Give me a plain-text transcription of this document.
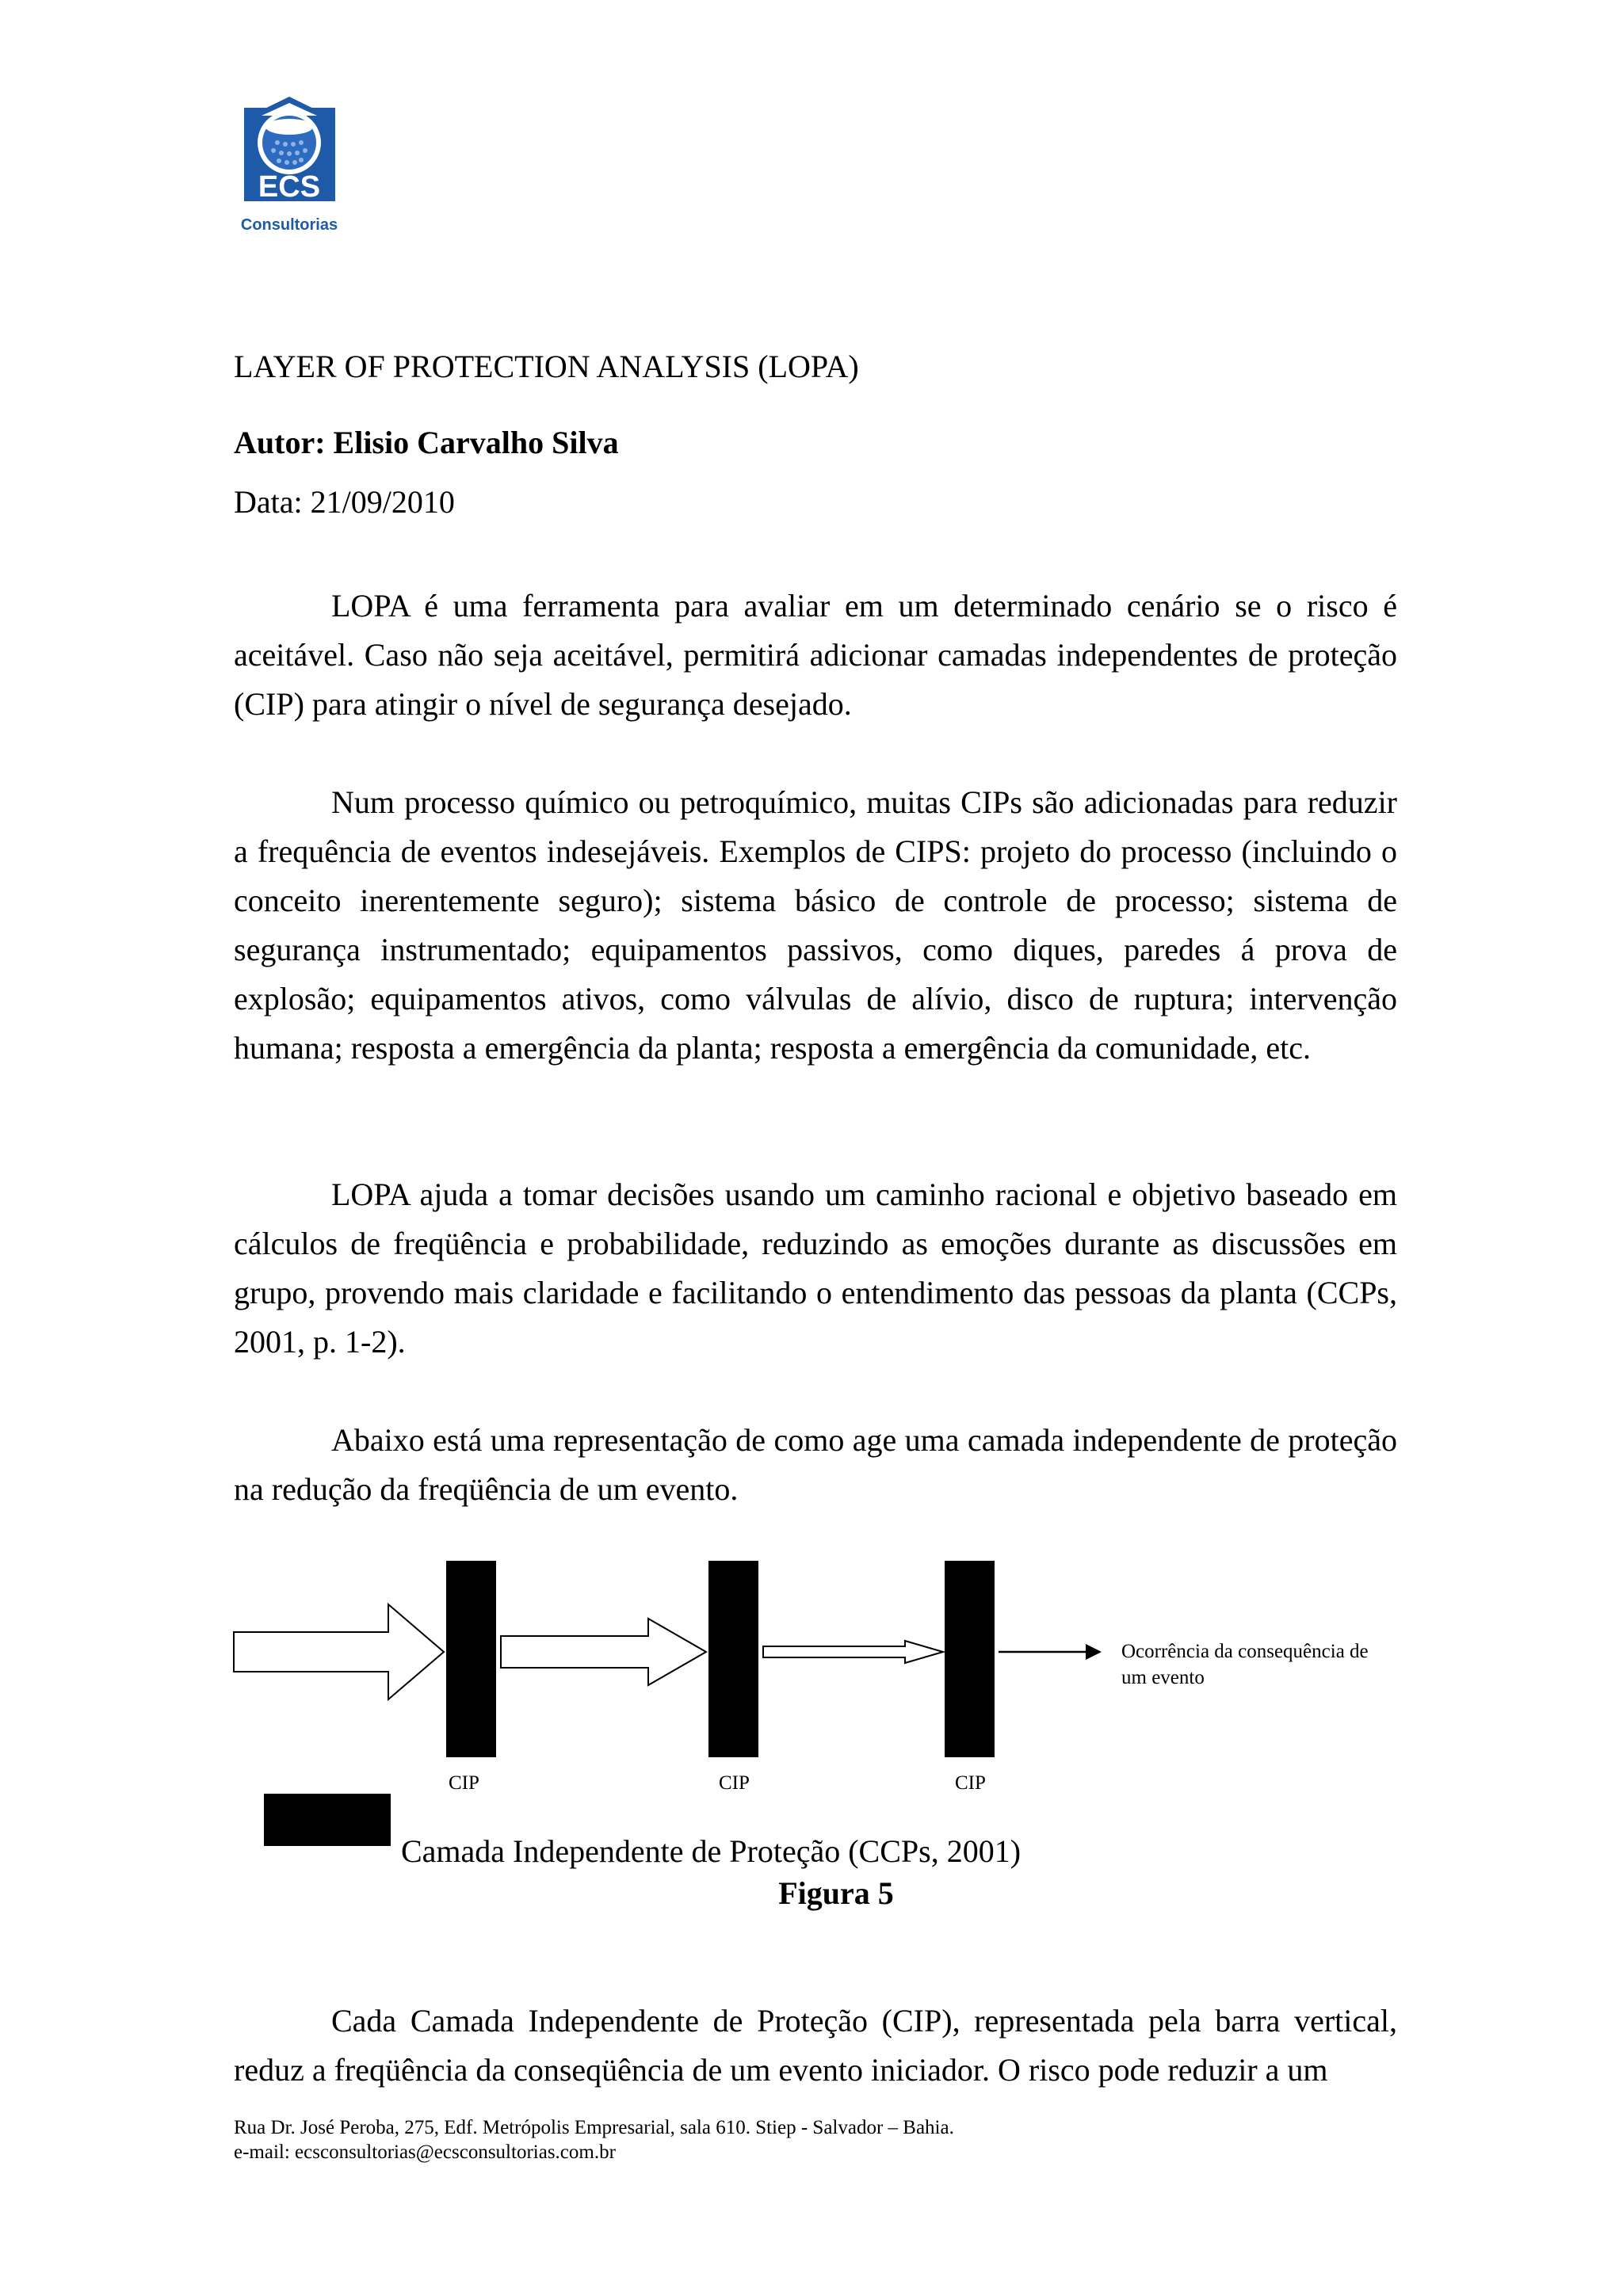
ECS
Consultorias
LAYER OF PROTECTION ANALYSIS (LOPA)
Autor: Elisio Carvalho Silva
Data: 21/09/2010

LOPA é uma ferramenta para avaliar em um determinado cenário se o risco é aceitável. Caso não seja aceitável, permitirá adicionar camadas independentes de proteção (CIP) para atingir o nível de segurança desejado.

Num processo químico ou petroquímico, muitas CIPs são adicionadas para reduzir a frequência de eventos indesejáveis. Exemplos de CIPS: projeto do processo (incluindo o conceito inerentemente seguro); sistema básico de controle de processo; sistema de segurança instrumentado; equipamentos passivos, como diques, paredes á prova de explosão; equipamentos ativos, como válvulas de alívio, disco de ruptura; intervenção humana; resposta a emergência da planta; resposta a emergência da comunidade, etc.

LOPA ajuda a tomar decisões usando um caminho racional e objetivo baseado em cálculos de freqüência e probabilidade, reduzindo as emoções durante as discussões em grupo, provendo mais claridade e facilitando o entendimento das pessoas da planta (CCPs, 2001, p. 1-2).

Abaixo está uma representação de como age uma camada independente de proteção na redução da freqüência de um evento.

Ocorrência da consequência de
um evento
CIP	CIP	CIP
Camada Independente de Proteção (CCPs, 2001)
Figura 5

Cada Camada Independente de Proteção (CIP), representada pela barra vertical, reduz a freqüência da conseqüência de um evento iniciador. O risco pode reduzir a um

Rua Dr. José Peroba, 275, Edf. Metrópolis Empresarial, sala 610. Stiep - Salvador – Bahia.
e-mail: ecsconsultorias@ecsconsultorias.com.br
